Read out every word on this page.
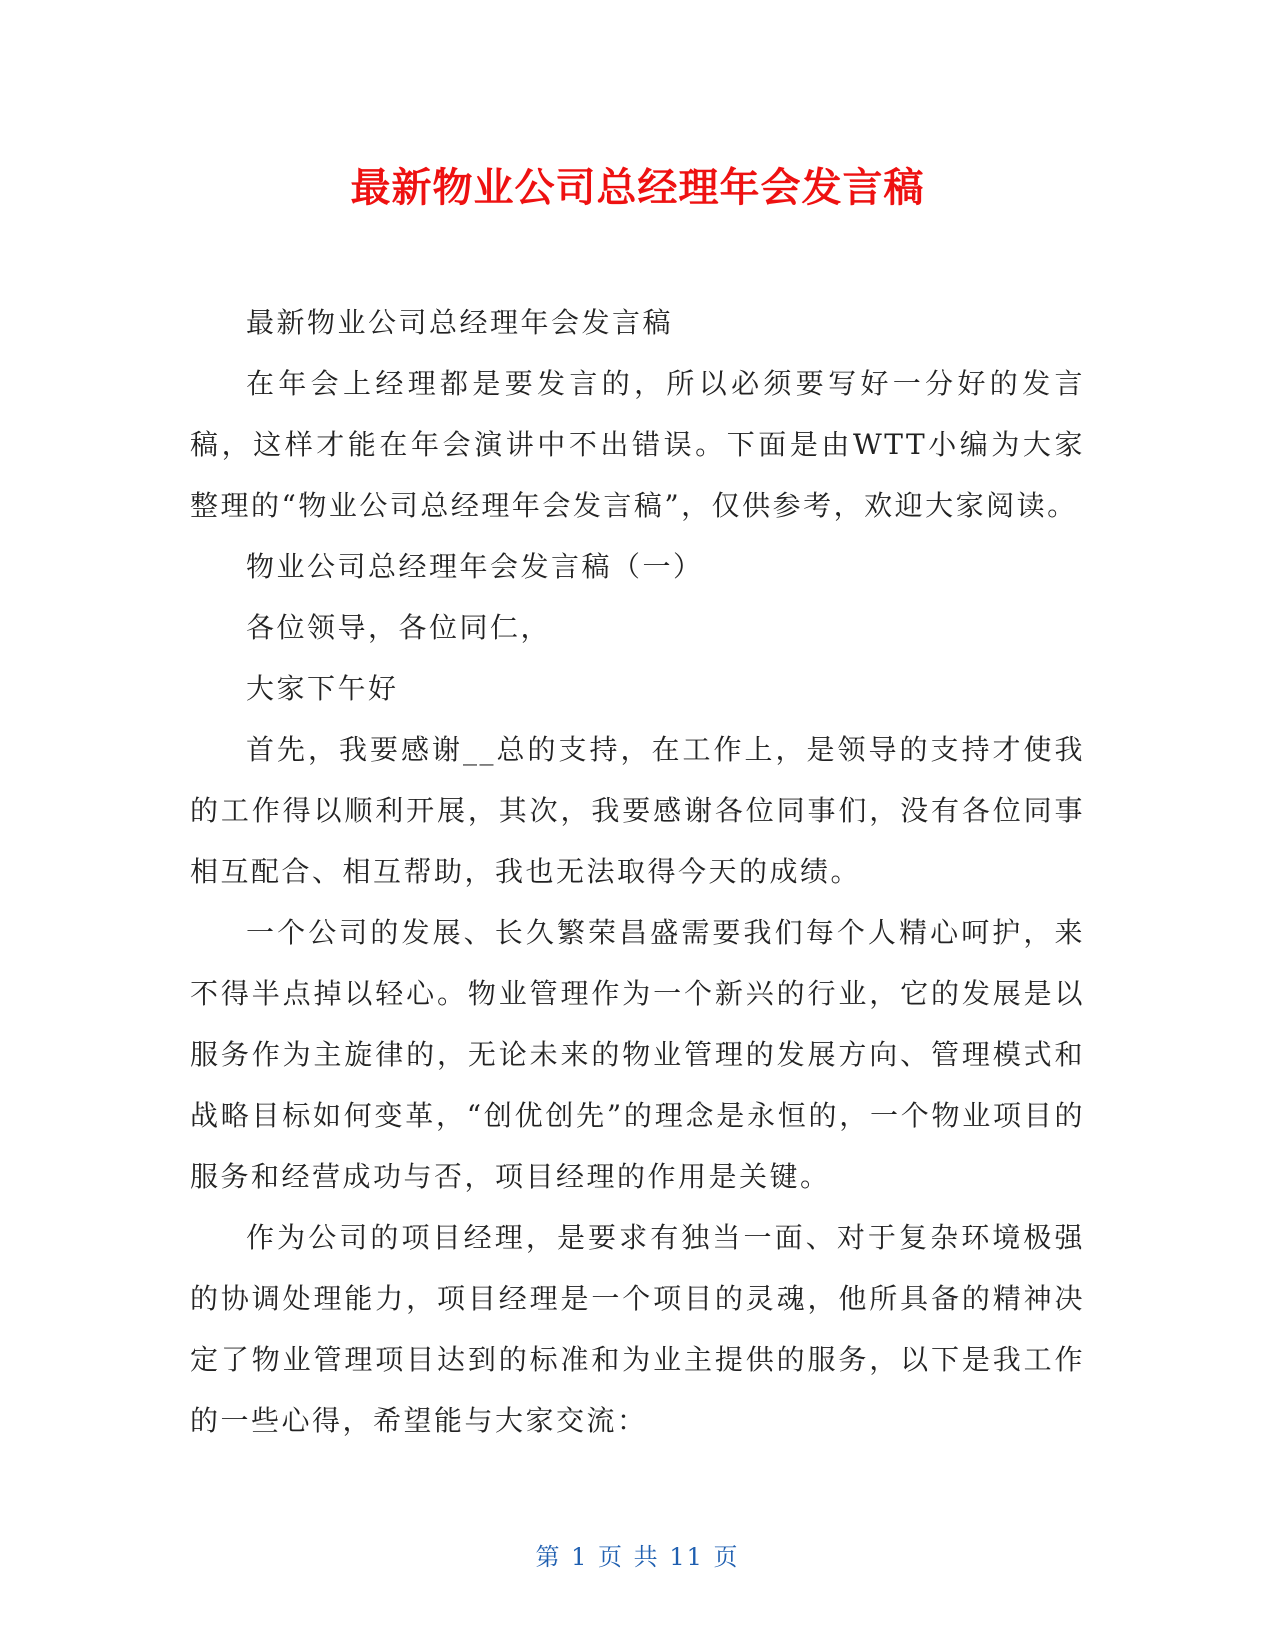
最新物业公司总经理年会发言稿

最新物业公司总经理年会发言稿

在年会上经理都是要发言的，所以必须要写好一分好的发言稿，这样才能在年会演讲中不出错误。下面是由WTT小编为大家整理的“物业公司总经理年会发言稿”，仅供参考，欢迎大家阅读。

物业公司总经理年会发言稿（一）

各位领导，各位同仁，

大家下午好

首先，我要感谢__总的支持，在工作上，是领导的支持才使我的工作得以顺利开展，其次，我要感谢各位同事们，没有各位同事相互配合、相互帮助，我也无法取得今天的成绩。

一个公司的发展、长久繁荣昌盛需要我们每个人精心呵护，来不得半点掉以轻心。物业管理作为一个新兴的行业，它的发展是以服务作为主旋律的，无论未来的物业管理的发展方向、管理模式和战略目标如何变革，“创优创先”的理念是永恒的，一个物业项目的服务和经营成功与否，项目经理的作用是关键。

作为公司的项目经理，是要求有独当一面、对于复杂环境极强的协调处理能力，项目经理是一个项目的灵魂，他所具备的精神决定了物业管理项目达到的标准和为业主提供的服务，以下是我工作的一些心得，希望能与大家交流：

第 1 页 共 11 页
